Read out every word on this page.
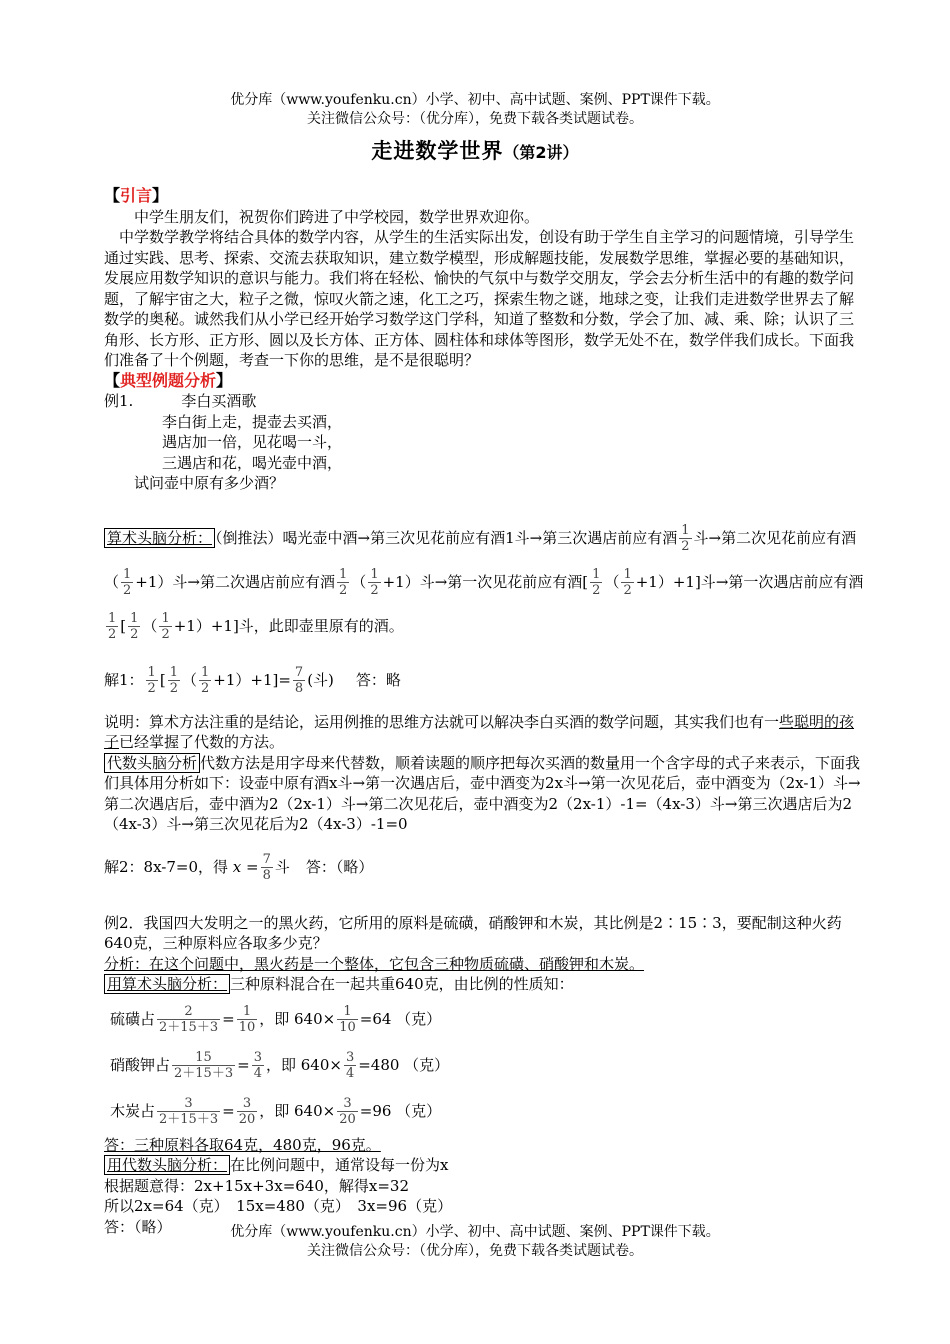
优分库（www.youfenku.cn）小学、初中、高中试题、案例、PPT课件下载。
关注微信公众号：（优分库），免费下载各类试题试卷。
走进数学世界（第2讲）

【引言】

中学生朋友们，祝贺你们跨进了中学校园，数学世界欢迎你。

中学数学教学将结合具体的数学内容，从学生的生活实际出发，创设有助于学生自主学习的问题情境，引导学生通过实践、思考、探索、交流去获取知识，建立数学模型，形成解题技能，发展数学思维，掌握必要的基础知识，发展应用数学知识的意识与能力。我们将在轻松、愉快的气氛中与数学交朋友，学会去分析生活中的有趣的数学问题，了解宇宙之大，粒子之微，惊叹火箭之速，化工之巧，探索生物之谜，地球之变，让我们走进数学世界去了解数学的奥秘。诚然我们从小学已经开始学习数学这门学科，知道了整数和分数，学会了加、减、乘、除；认识了三角形、长方形、正方形、圆以及长方体、正方体、圆柱体和球体等图形，数学无处不在，数学伴我们成长。下面我们准备了十个例题，考查一下你的思维，是不是很聪明？

【典型例题分析】

例1.	李白买酒歌

李白街上走，提壶去买酒，

遇店加一倍，见花喝一斗，

三遇店和花，喝光壶中酒，

试问壶中原有多少酒？

算术头脑分析： （倒推法）喝光壶中酒→第三次见花前应有酒1斗→第三次遇店前应有酒 $\frac{1}{2}$ 斗→第二次见花前应有酒（ $\frac{1}{2} +1$）斗→第二次遇店前应有酒 $\frac{1}{2}$ （ $\frac{1}{2} +1$）斗→第一次见花前应有酒[ $\frac{1}{2}$ （ $\frac{1}{2} +1)+1$]斗→第一次遇店前应有酒
$\frac{1}{2}$ [ $\frac{1}{2}$ （ $\frac{1}{2} +1)+1$]斗，此即壶里原有的酒。

解1： $\frac{1}{2}$ [ $\frac{1}{2}$ （ $\frac{1}{2} +1)+1]= \frac{7}{8}$ (斗) 答：略

说明：算术方法注重的是结论，运用例推的思维方法就可以解决李白买酒的数学问题，其实我们也有一些聪明的孩子已经掌握了代数的方法。

代数头脑分析 代数方法是用字母来代替数，顺着读题的顺序把每次买酒的数量用一个含字母的式子来表示，下面我们具体用分析如下：设壶中原有酒x斗→第一次遇店后，壶中酒变为2x斗→第一次见花后，壶中酒变为（2x-1）斗→第二次遇店后，壶中酒为2（2x-1）斗→第二次见花后，壶中酒变为2（2x-1）-1=（4x-3）斗→第三次遇店后为2（4x-3）斗→第三次见花后为2（4x-3）-1=0

解2：8x-7=0，得 $x = \frac{7}{8}$ 斗 答：（略）

例2．我国四大发明之一的黑火药，它所用的原料是硫磺，硝酸钾和木炭，其比例是2∶15∶3，要配制这种火药640克，三种原料应各取多少克？

分析：在这个问题中，黑火药是一个整体，它包含三种物质硫磺、硝酸钾和木炭。

用算术头脑分析： 三种原料混合在一起共重640克，由比例的性质知：

硫磺占 $\frac{2}{2+15+3} = \frac{1}{10}$ ，即 $640\times \frac{1}{10} =64$ （克）
硝酸钾占 $\frac{15}{2+15+3} = \frac{3}{4}$ ，即 $640\times \frac{3}{4} =480$ （克）
木炭占 $\frac{3}{2+15+3} = \frac{3}{20}$ ，即 $640\times \frac{3}{20} =96$ （克）

答：三种原料各取64克，480克，96克。

用代数头脑分析： 在比例问题中，通常设每一份为x

根据题意得：2x+15x+3x=640，解得x=32

所以2x=64（克）　15x=480（克）　3x=96（克）

答：（略）	优分库（www.youfenku.cn）小学、初中、高中试题、案例、PPT课件下载。
关注微信公众号：（优分库），免费下载各类试题试卷。
